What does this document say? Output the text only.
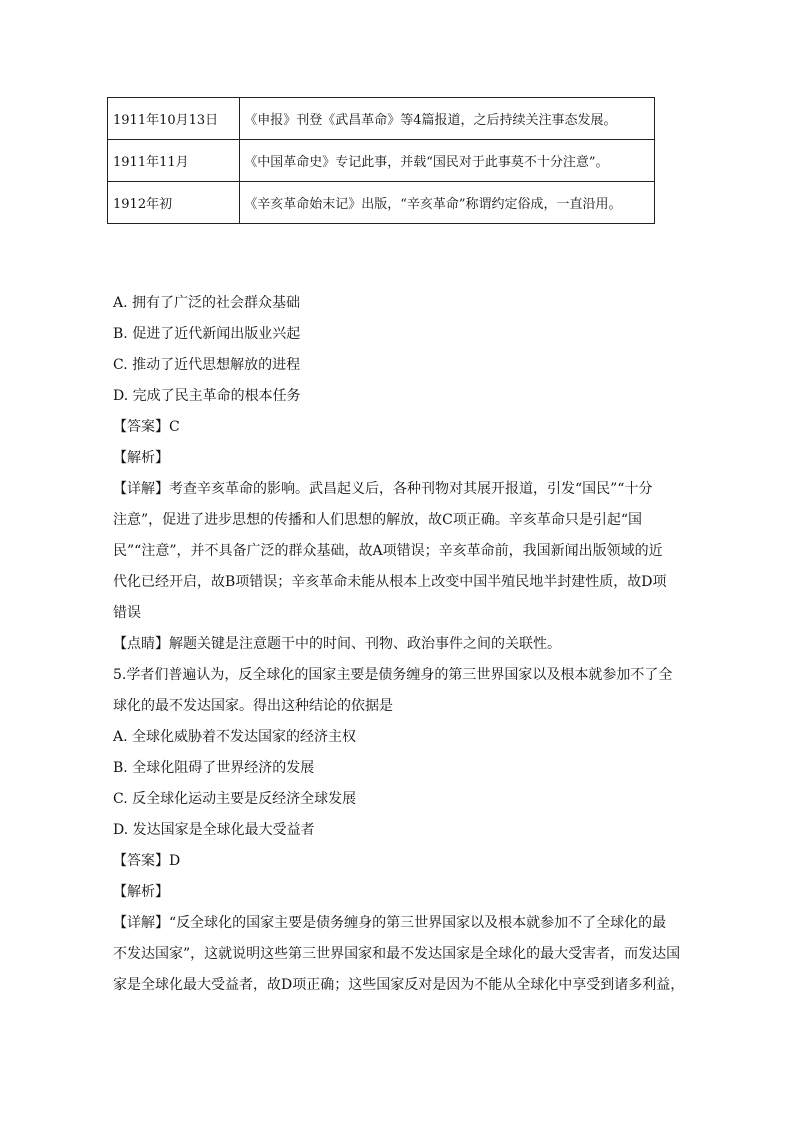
1911年10月13日	《申报》刊登《武昌革命》等4篇报道，之后持续关注事态发展。
1911年11月	《中国革命史》专记此事，并载“国民对于此事莫不十分注意”。
1912年初	《辛亥革命始末记》出版，“辛亥革命”称谓约定俗成，一直沿用。
A. 拥有了广泛的社会群众基础
B. 促进了近代新闻出版业兴起
C. 推动了近代思想解放的进程
D. 完成了民主革命的根本任务
【答案】C
【解析】
【详解】考查辛亥革命的影响。武昌起义后，各种刊物对其展开报道，引发“国民”“十分
注意”，促进了进步思想的传播和人们思想的解放，故C项正确。辛亥革命只是引起“国
民”“注意”，并不具备广泛的群众基础，故A项错误；辛亥革命前，我国新闻出版领域的近
代化已经开启，故B项错误；辛亥革命未能从根本上改变中国半殖民地半封建性质，故D项
错误
【点睛】解题关键是注意题干中的时间、刊物、政治事件之间的关联性。
5.学者们普遍认为，反全球化的国家主要是债务缠身的第三世界国家以及根本就参加不了全
球化的最不发达国家。得出这种结论的依据是
A. 全球化威胁着不发达国家的经济主权
B. 全球化阻碍了世界经济的发展
C. 反全球化运动主要是反经济全球发展
D. 发达国家是全球化最大受益者
【答案】D
【解析】
【详解】“反全球化的国家主要是债务缠身的第三世界国家以及根本就参加不了全球化的最
不发达国家”，这就说明这些第三世界国家和最不发达国家是全球化的最大受害者，而发达国
家是全球化最大受益者，故D项正确；这些国家反对是因为不能从全球化中享受到诸多利益，
